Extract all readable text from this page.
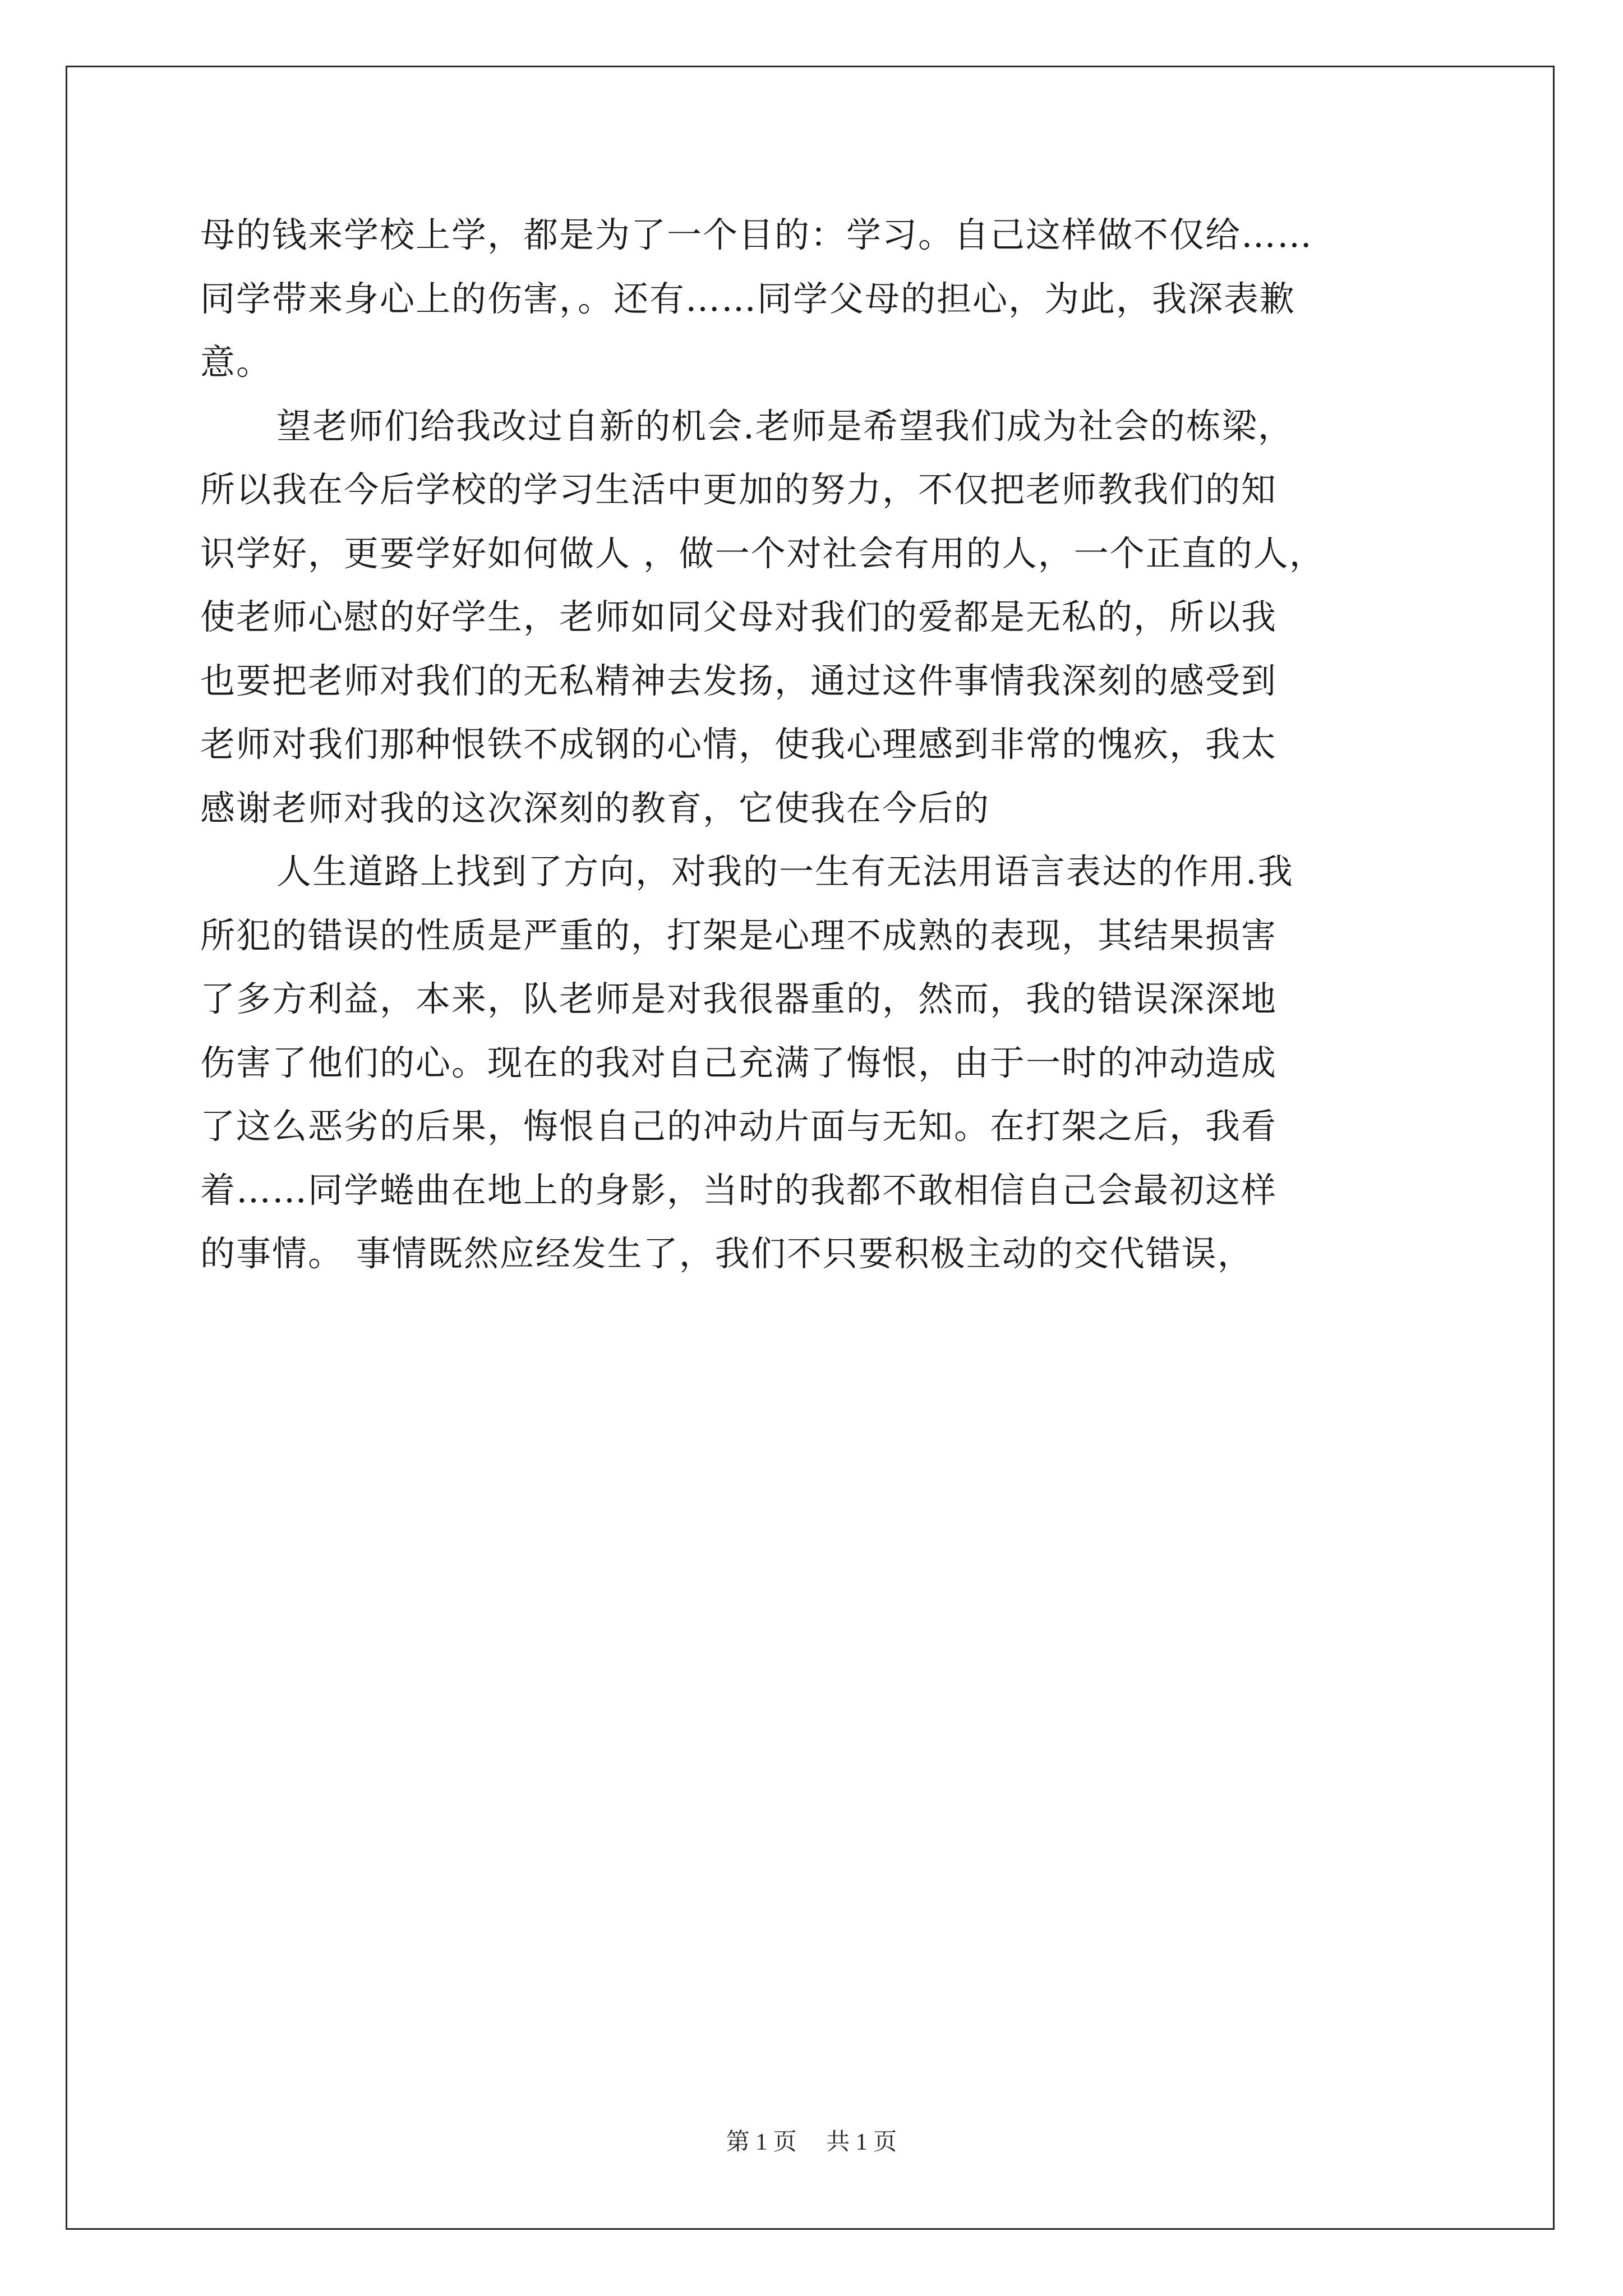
母的钱来学校上学，都是为了一个目的：学习。自己这样做不仅给……
同学带来身心上的伤害，。还有……同学父母的担心，为此，我深表歉
意。
望老师们给我改过自新的机会.老师是希望我们成为社会的栋梁，
所以我在今后学校的学习生活中更加的努力，不仅把老师教我们的知
识学好，更要学好如何做人 ，做一个对社会有用的人，一个正直的人，
使老师心慰的好学生，老师如同父母对我们的爱都是无私的，所以我
也要把老师对我们的无私精神去发扬，通过这件事情我深刻的感受到
老师对我们那种恨铁不成钢的心情，使我心理感到非常的愧疚，我太
感谢老师对我的这次深刻的教育，它使我在今后的
人生道路上找到了方向，对我的一生有无法用语言表达的作用.我
所犯的错误的性质是严重的，打架是心理不成熟的表现，其结果损害
了多方利益，本来，队老师是对我很器重的，然而，我的错误深深地
伤害了他们的心。现在的我对自己充满了悔恨，由于一时的冲动造成
了这么恶劣的后果，悔恨自己的冲动片面与无知。在打架之后，我看
着……同学蜷曲在地上的身影，当时的我都不敢相信自己会最初这样
的事情。 事情既然应经发生了，我们不只要积极主动的交代错误，
第 1 页　 共 1 页
